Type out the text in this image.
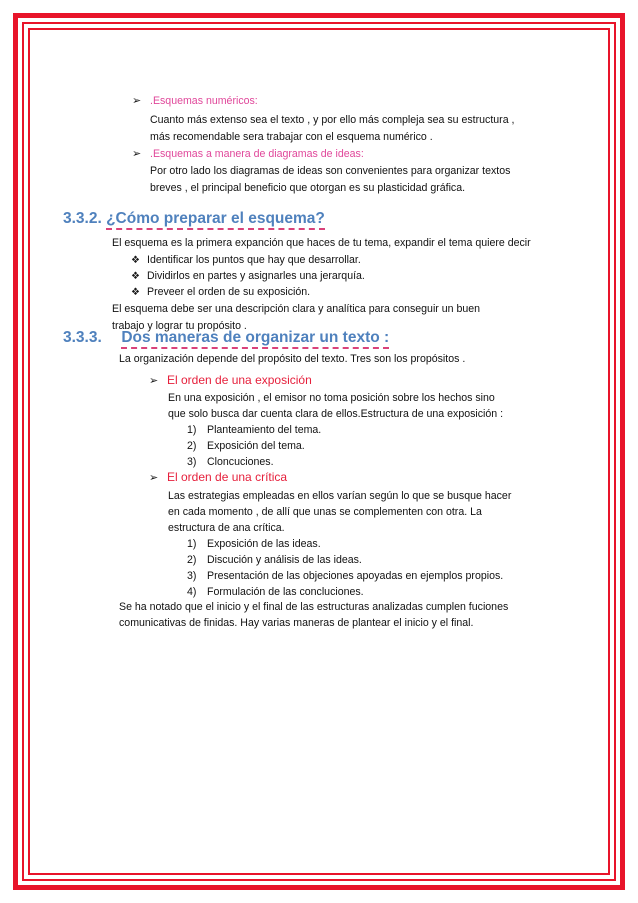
➢ .Esquemas numéricos:
Cuanto más extenso sea el texto , y por ello más compleja sea su estructura ,
más recomendable sera trabajar con el esquema numérico .
➢ .Esquemas a manera de diagramas de ideas:
Por otro lado los diagramas de ideas son convenientes para organizar textos
breves , el principal beneficio que otorgan es su plasticidad gráfica.
3.3.2. ¿Cómo preparar el esquema?
El esquema es la primera expanción que haces de tu tema, expandir el tema quiere decir
❖ Identificar los puntos que hay que desarrollar.
❖ Dividirlos en partes y asignarles una jerarquía.
❖ Preveer el orden de su exposición.
El esquema debe ser una descripción clara y analítica para conseguir un buen
trabajo y lograr tu propósito .
3.3.3. Dos maneras de organizar un texto :
La organización depende del propósito del texto. Tres son los propósitos .
➢ El orden de una exposición
En una exposición , el emisor no toma posición sobre los hechos sino
que solo busca dar cuenta clara de ellos.Estructura de una exposición :
1) Planteamiento del tema.
2) Exposición del tema.
3) Cloncuciones.
➢ El orden de una crítica
Las estrategias empleadas en ellos varían según lo que se busque hacer
en cada momento , de allí que unas se complementen con otra. La
estructura de ana crítica.
1) Exposición de las ideas.
2) Discución y análisis de las ideas.
3) Presentación de las objeciones apoyadas en ejemplos propios.
4) Formulación de las concluciones.
Se ha notado que el inicio y el final de las estructuras analizadas cumplen fuciones
comunicativas de finidas. Hay varias maneras de plantear el inicio y el final.
